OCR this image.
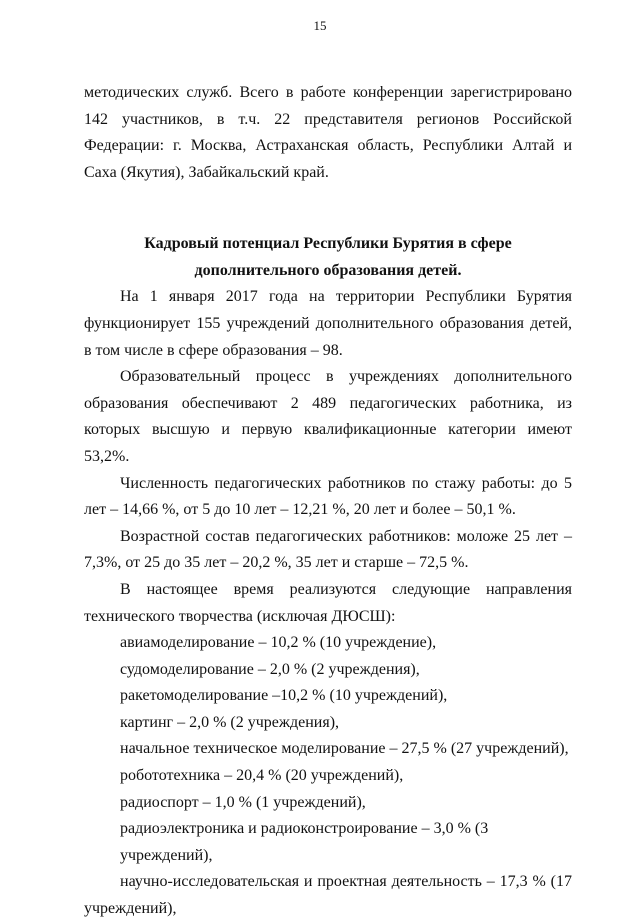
15

методических служб. Всего в работе конференции зарегистрировано 142 участников, в т.ч. 22 представителя регионов Российской Федерации: г. Москва, Астраханская область, Республики Алтай и Саха (Якутия), Забайкальский край.

Кадровый потенциал Республики Бурятия в сфере дополнительного образования детей.

На 1 января 2017 года на территории Республики Бурятия функционирует 155 учреждений дополнительного образования детей, в том числе в сфере образования – 98.

Образовательный процесс в учреждениях дополнительного образования обеспечивают 2 489 педагогических работника, из которых высшую и первую квалификационные категории имеют 53,2%.

Численность педагогических работников по стажу работы: до 5 лет – 14,66 %, от 5 до 10 лет – 12,21 %, 20 лет и более – 50,1 %.

Возрастной состав педагогических работников: моложе 25 лет – 7,3%, от 25 до 35 лет – 20,2 %, 35 лет и старше – 72,5 %.

В настоящее время реализуются следующие направления технического творчества (исключая ДЮСШ):

авиамоделирование – 10,2 % (10 учреждение),

судомоделирование – 2,0 % (2 учреждения),

ракетомоделирование –10,2 % (10 учреждений),

картинг – 2,0 % (2 учреждения),

начальное техническое моделирование – 27,5 % (27 учреждений),

робототехника – 20,4 % (20 учреждений),

радиоспорт – 1,0 % (1 учреждений),

радиоэлектроника и радиоконстроирование – 3,0 % (3 учреждений),

научно-исследовательская и проектная деятельность – 17,3 % (17 учреждений),
